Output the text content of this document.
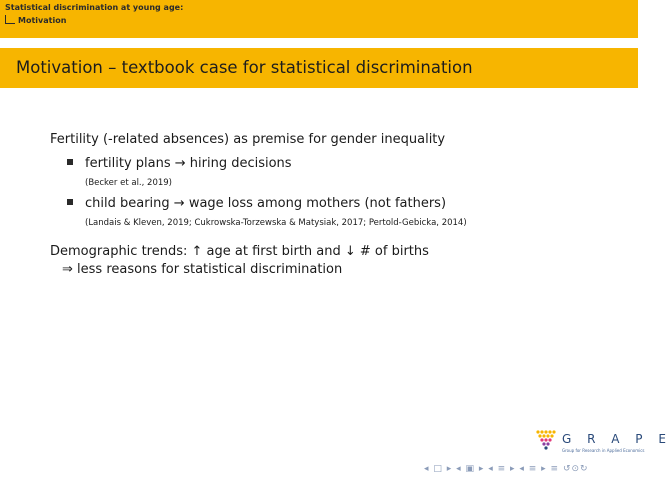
Statistical discrimination at young age:
Motivation
Motivation – textbook case for statistical discrimination
Fertility (-related absences) as premise for gender inequality
fertility plans → hiring decisions
(Becker et al., 2019)
child bearing → wage loss among mothers (not fathers)
(Landais & Kleven, 2019; Cukrowska-Torzewska & Matysiak, 2017; Pertold-Gebicka, 2014)
Demographic trends: ↑ age at first birth and ↓ # of births
⇒ less reasons for statistical discrimination
G R A P E
Group for Research in Applied Economics
◂ □ ▸ ◂ ▣ ▸ ◂ ≡ ▸ ◂ ≡ ▸ ≡ ↺⊙↻
